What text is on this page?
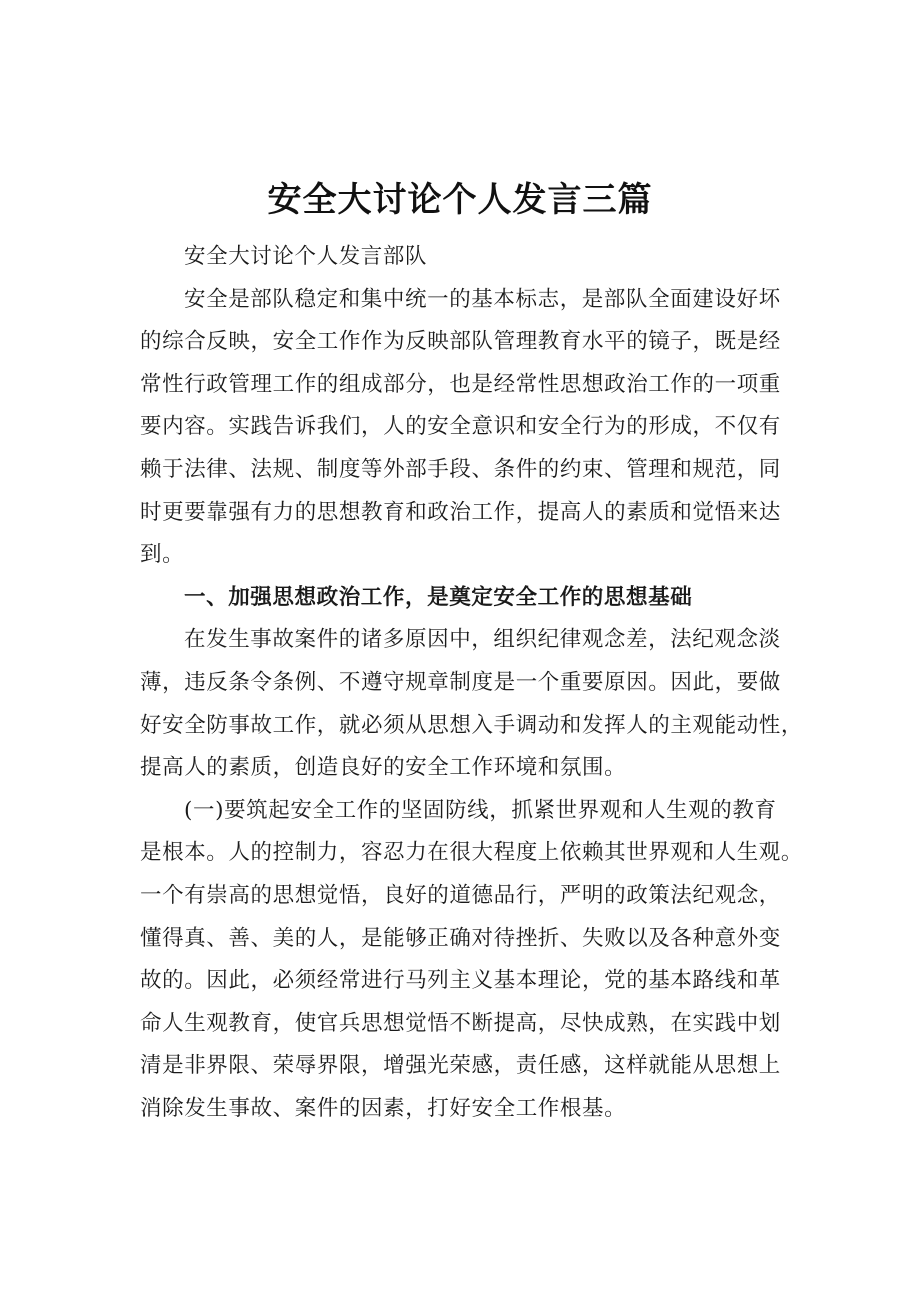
安全大讨论个人发言三篇
安全大讨论个人发言部队
安全是部队稳定和集中统一的基本标志，是部队全面建设好坏
的综合反映，安全工作作为反映部队管理教育水平的镜子，既是经
常性行政管理工作的组成部分，也是经常性思想政治工作的一项重
要内容。实践告诉我们，人的安全意识和安全行为的形成，不仅有
赖于法律、法规、制度等外部手段、条件的约束、管理和规范，同
时更要靠强有力的思想教育和政治工作，提高人的素质和觉悟来达
到。
一、加强思想政治工作，是奠定安全工作的思想基础
在发生事故案件的诸多原因中，组织纪律观念差，法纪观念淡
薄，违反条令条例、不遵守规章制度是一个重要原因。因此，要做
好安全防事故工作，就必须从思想入手调动和发挥人的主观能动性，
提高人的素质，创造良好的安全工作环境和氛围。
(一)要筑起安全工作的坚固防线，抓紧世界观和人生观的教育
是根本。人的控制力，容忍力在很大程度上依赖其世界观和人生观。
一个有崇高的思想觉悟，良好的道德品行，严明的政策法纪观念，
懂得真、善、美的人，是能够正确对待挫折、失败以及各种意外变
故的。因此，必须经常进行马列主义基本理论，党的基本路线和革
命人生观教育，使官兵思想觉悟不断提高，尽快成熟，在实践中划
清是非界限、荣辱界限，增强光荣感，责任感，这样就能从思想上
消除发生事故、案件的因素，打好安全工作根基。
